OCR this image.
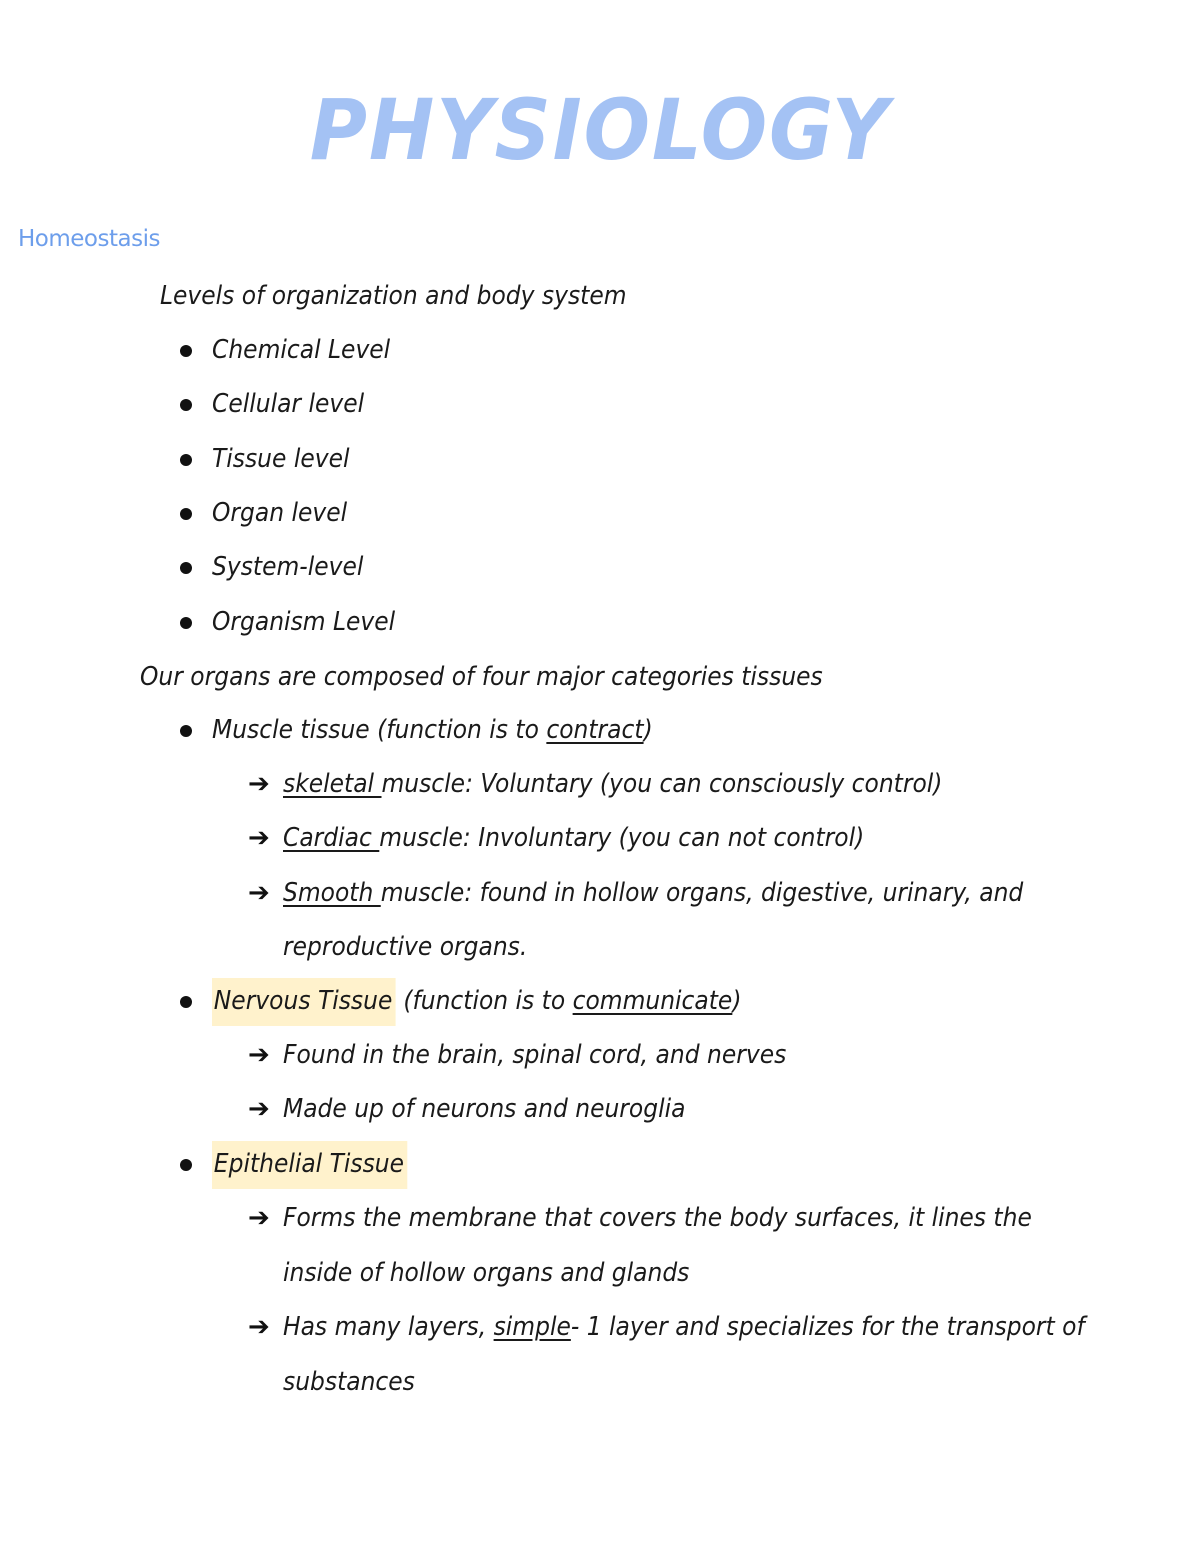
PHYSIOLOGY
Homeostasis
Levels of organization and body system
Chemical Level
Cellular level
Tissue level
Organ level
System-level
Organism Level
Our organs are composed of four major categories tissues
Muscle tissue (function is to contract)
➔ skeletal muscle: Voluntary (you can consciously control)
➔ Cardiac muscle: Involuntary (you can not control)
➔ Smooth muscle: found in hollow organs, digestive, urinary, and
reproductive organs.
Nervous Tissue (function is to communicate)
➔ Found in the brain, spinal cord, and nerves
➔ Made up of neurons and neuroglia
Epithelial Tissue
➔ Forms the membrane that covers the body surfaces, it lines the
inside of hollow organs and glands
➔ Has many layers, simple- 1 layer and specializes for the transport of
substances
